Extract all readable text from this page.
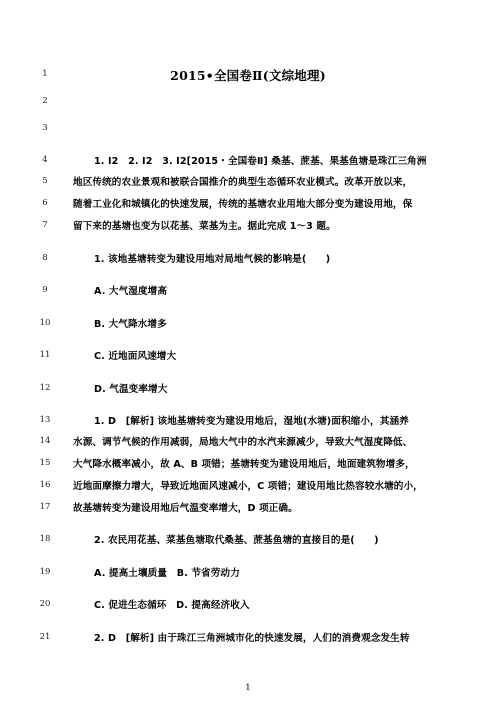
2015•全国卷Ⅱ(文综地理)
1
2
3
4
5
6
7
8
9
10
11
12
13
14
15
16
17
18
19
20
21
1. I2　2. I2　3. I2[2015・全国卷Ⅱ] 桑基、蔗基、果基鱼塘是珠江三角洲
地区传统的农业景观和被联合国推介的典型生态循环农业模式。改革开放以来，
随着工业化和城镇化的快速发展，传统的基塘农业用地大部分变为建设用地，保
留下来的基塘也变为以花基、菜基为主。据此完成 1～3 题。
1. 该地基塘转变为建设用地对局地气候的影响是(　　)
A. 大气湿度增高
B. 大气降水增多
C. 近地面风速增大
D. 气温变率增大
1. D　[解析] 该地基塘转变为建设用地后，湿地(水塘)面积缩小，其涵养
水源、调节气候的作用减弱，局地大气中的水汽来源减少，导致大气湿度降低、
大气降水概率减小，故 A、B 项错；基塘转变为建设用地后，地面建筑物增多，
近地面摩擦力增大，导致近地面风速减小，C 项错；建设用地比热容较水塘的小，
故基塘转变为建设用地后气温变率增大，D 项正确。
2. 农民用花基、菜基鱼塘取代桑基、蔗基鱼塘的直接目的是(　　)
A. 提高土壤质量　B. 节省劳动力
C. 促进生态循环　D. 提高经济收入
2. D　[解析] 由于珠江三角洲城市化的快速发展，人们的消费观念发生转
1
